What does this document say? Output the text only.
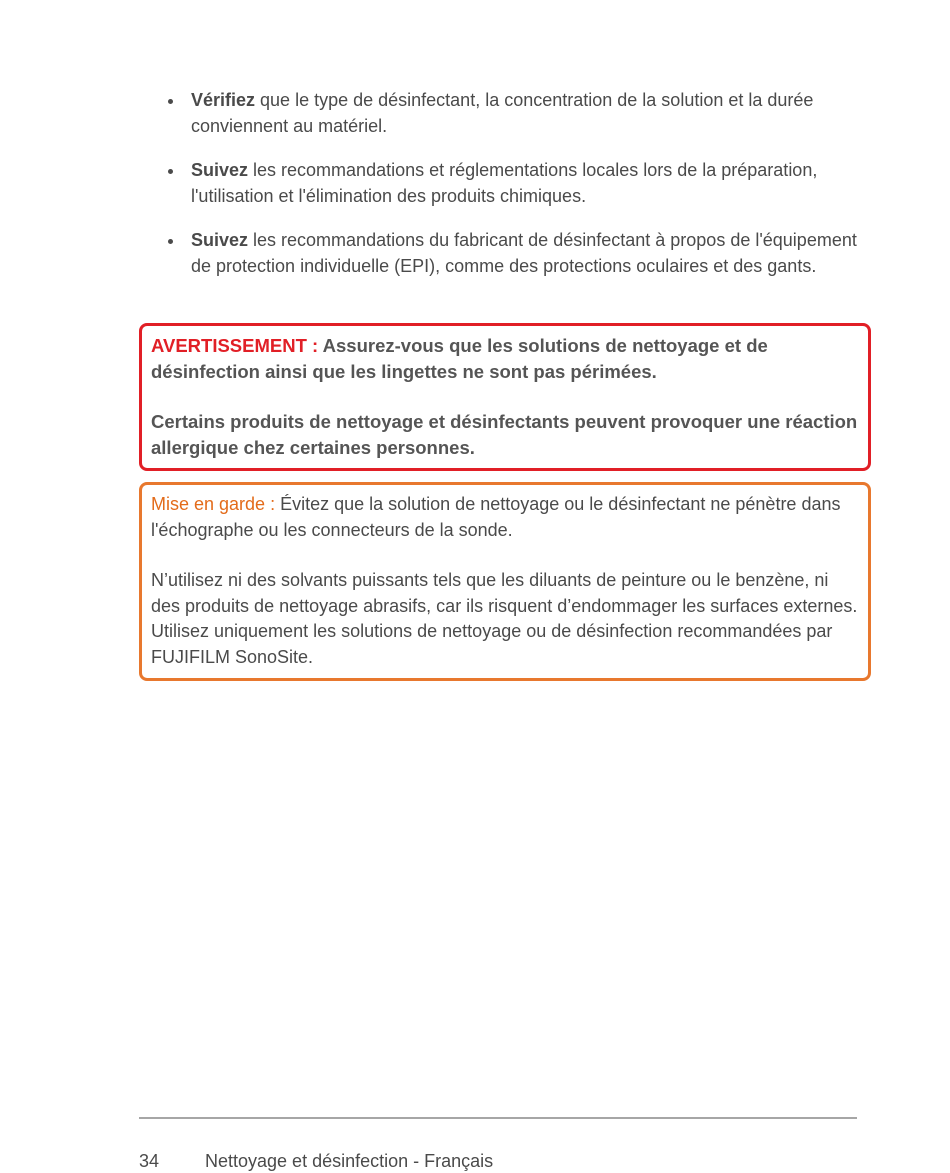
Vérifiez que le type de désinfectant, la concentration de la solution et la durée conviennent au matériel.
Suivez les recommandations et réglementations locales lors de la préparation, l'utilisation et l'élimination des produits chimiques.
Suivez les recommandations du fabricant de désinfectant à propos de l'équipement de protection individuelle (EPI), comme des protections oculaires et des gants.

AVERTISSEMENT : Assurez-vous que les solutions de nettoyage et de désinfection ainsi que les lingettes ne sont pas périmées.

Certains produits de nettoyage et désinfectants peuvent provoquer une réaction allergique chez certaines personnes.

Mise en garde : Évitez que la solution de nettoyage ou le désinfectant ne pénètre dans l'échographe ou les connecteurs de la sonde.

N’utilisez ni des solvants puissants tels que les diluants de peinture ou le benzène, ni des produits de nettoyage abrasifs, car ils risquent d’endommager les surfaces externes. Utilisez uniquement les solutions de nettoyage ou de désinfection recommandées par FUJIFILM SonoSite.

34	Nettoyage et désinfection - Français
